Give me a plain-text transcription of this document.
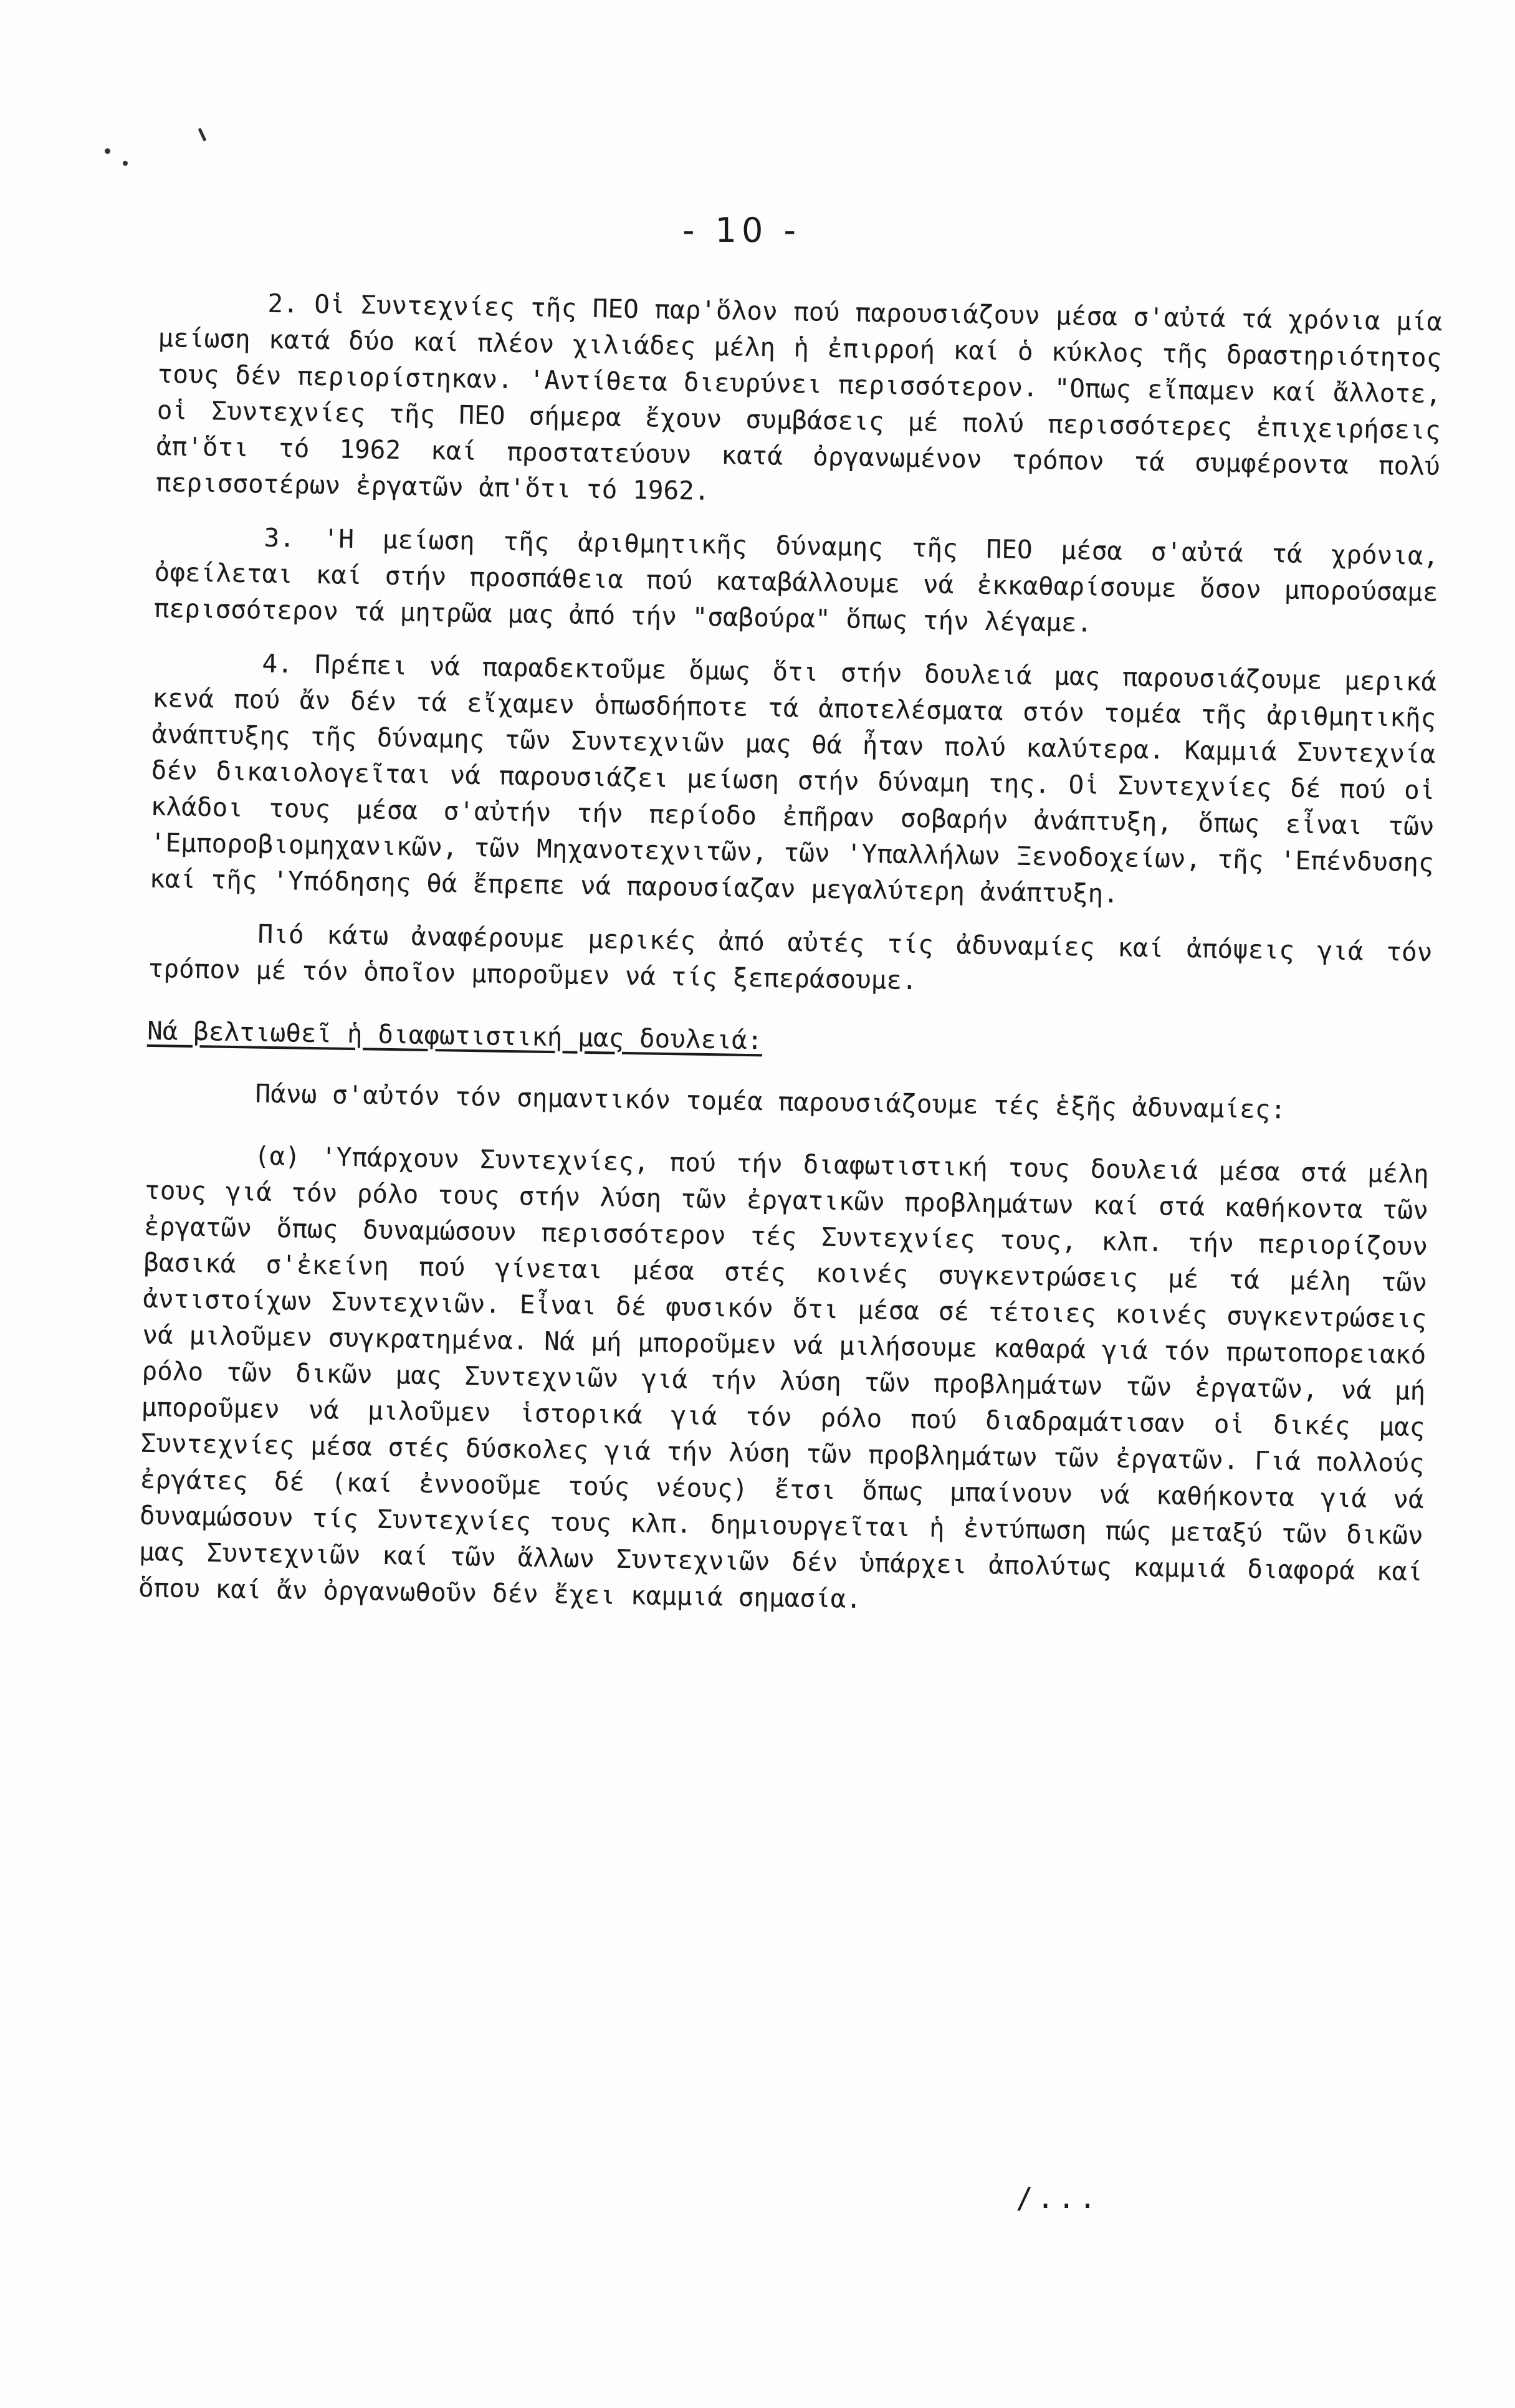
- 10 -

2. Οἱ Συντεχνίες τῆς ΠΕΟ παρ'ὅλον πού παρουσιάζουν μέσα σ'αὐτά τά χρόνια μία μείωση κατά δύο καί πλέον χιλιάδες μέλη ἡ ἐπιρροή καί ὁ κύκλος τῆς δραστηριότητος τους δέν περιορίστηκαν. 'Αντίθετα διευρύνει περισσότερον. "Οπως εἴπαμεν καί ἄλλοτε, οἱ Συντεχνίες τῆς ΠΕΟ σήμερα ἔχουν συμβάσεις μέ πολύ περισσότερες ἐπιχειρήσεις ἀπ'ὅτι τό 1962 καί προστατεύουν κατά ὀργανωμένον τρόπον τά συμφέροντα πολύ περισσοτέρων ἐργατῶν ἀπ'ὅτι τό 1962.

3. 'Η μείωση τῆς ἀριθμητικῆς δύναμης τῆς ΠΕΟ μέσα σ'αὐτά τά χρόνια, ὀφείλεται καί στήν προσπάθεια πού καταβάλλουμε νά ἐκκαθαρίσουμε ὅσον μπορούσαμε περισσότερον τά μητρῶα μας ἀπό τήν "σαβούρα" ὅπως τήν λέγαμε.

4. Πρέπει νά παραδεκτοῦμε ὅμως ὅτι στήν δουλειά μας παρουσιάζουμε μερικά κενά πού ἄν δέν τά εἴχαμεν ὁπωσδήποτε τά ἀποτελέσματα στόν τομέα τῆς ἀριθμητικῆς ἀνάπτυξης τῆς δύναμης τῶν Συντεχνιῶν μας θά ἦταν πολύ καλύτερα. Καμμιά Συντεχνία δέν δικαιολογεῖται νά παρουσιάζει μείωση στήν δύναμη της. Οἱ Συντεχνίες δέ πού οἱ κλάδοι τους μέσα σ'αὐτήν τήν περίοδο ἐπῆραν σοβαρήν ἀνάπτυξη, ὅπως εἶναι τῶν 'Εμποροβιομηχανικῶν, τῶν Μηχανοτεχνιτῶν, τῶν 'Υπαλλήλων Ξενοδοχείων, τῆς 'Επένδυσης καί τῆς 'Υπόδησης θά ἔπρεπε νά παρουσίαζαν μεγαλύτερη ἀνάπτυξη.

Πιό κάτω ἀναφέρουμε μερικές ἀπό αὐτές τίς ἀδυναμίες καί ἀπόψεις γιά τόν τρόπον μέ τόν ὁποῖον μποροῦμεν νά τίς ξεπεράσουμε.

Νά βελτιωθεῖ ἡ διαφωτιστική μας δουλειά:

Πάνω σ'αὐτόν τόν σημαντικόν τομέα παρουσιάζουμε τές ἑξῆς ἀδυναμίες:

(α) 'Υπάρχουν Συντεχνίες, πού τήν διαφωτιστική τους δουλειά μέσα στά μέλη τους γιά τόν ρόλο τους στήν λύση τῶν ἐργατικῶν προβλημάτων καί στά καθήκοντα τῶν ἐργατῶν ὅπως δυναμώσουν περισσότερον τές Συντεχνίες τους, κλπ. τήν περιορίζουν βασικά σ'ἐκείνη πού γίνεται μέσα στές κοινές συγκεντρώσεις μέ τά μέλη τῶν ἀντιστοίχων Συντεχνιῶν. Εἶναι δέ φυσικόν ὅτι μέσα σέ τέτοιες κοινές συγκεντρώσεις νά μιλοῦμεν συγκρατημένα. Νά μή μποροῦμεν νά μιλήσουμε καθαρά γιά τόν πρωτοπορειακό ρόλο τῶν δικῶν μας Συντεχνιῶν γιά τήν λύση τῶν προβλημάτων τῶν ἐργατῶν, νά μή μποροῦμεν νά μιλοῦμεν ἱστορικά γιά τόν ρόλο πού διαδραμάτισαν οἱ δικές μας Συντεχνίες μέσα στές δύσκολες γιά τήν λύση τῶν προβλημάτων τῶν ἐργατῶν. Γιά πολλούς ἐργάτες δέ (καί ἐννοοῦμε τούς νέους) ἔτσι ὅπως μπαίνουν νά καθήκοντα γιά νά δυναμώσουν τίς Συντεχνίες τους κλπ. δημιουργεῖται ἡ ἐντύπωση πώς μεταξύ τῶν δικῶν μας Συντεχνιῶν καί τῶν ἄλλων Συντεχνιῶν δέν ὑπάρχει ἀπολύτως καμμιά διαφορά καί ὅπου καί ἄν ὀργανωθοῦν δέν ἔχει καμμιά σημασία.

/...
